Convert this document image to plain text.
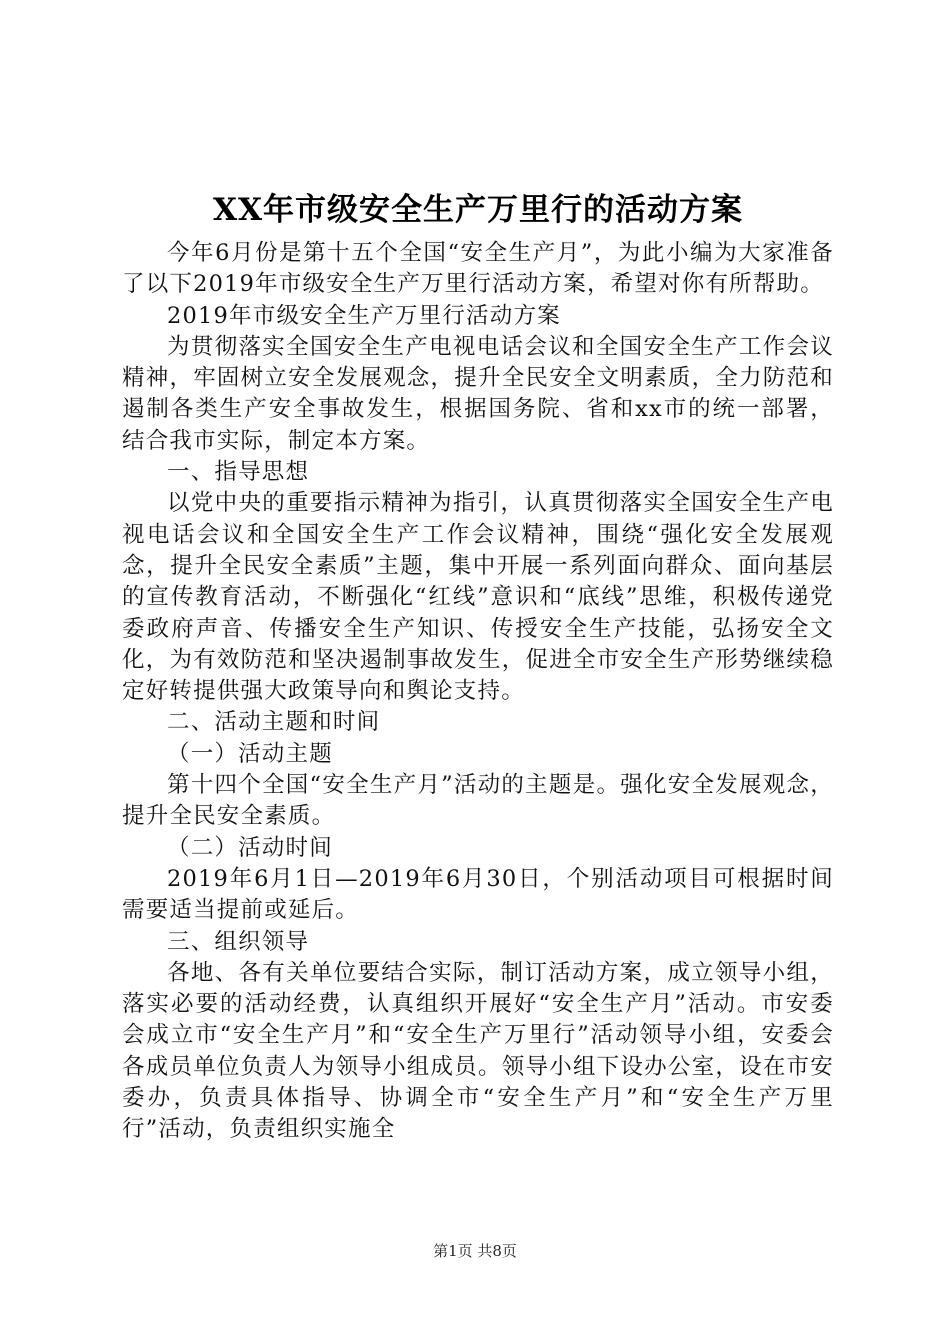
XX年市级安全生产万里行的活动方案

今年6月份是第十五个全国“安全生产月”，为此小编为大家准备了以下2019年市级安全生产万里行活动方案，希望对你有所帮助。

2019年市级安全生产万里行活动方案

为贯彻落实全国安全生产电视电话会议和全国安全生产工作会议精神，牢固树立安全发展观念，提升全民安全文明素质，全力防范和遏制各类生产安全事故发生，根据国务院、省和xx市的统一部署，结合我市实际，制定本方案。

一、指导思想

以党中央的重要指示精神为指引，认真贯彻落实全国安全生产电视电话会议和全国安全生产工作会议精神，围绕“强化安全发展观念，提升全民安全素质”主题，集中开展一系列面向群众、面向基层的宣传教育活动，不断强化“红线”意识和“底线”思维，积极传递党委政府声音、传播安全生产知识、传授安全生产技能，弘扬安全文化，为有效防范和坚决遏制事故发生，促进全市安全生产形势继续稳定好转提供强大政策导向和舆论支持。

二、活动主题和时间

（一）活动主题

第十四个全国“安全生产月”活动的主题是。强化安全发展观念，提升全民安全素质。

（二）活动时间

2019年6月1日—2019年6月30日，个别活动项目可根据时间需要适当提前或延后。

三、组织领导

各地、各有关单位要结合实际，制订活动方案，成立领导小组，落实必要的活动经费，认真组织开展好“安全生产月”活动。市安委会成立市“安全生产月”和“安全生产万里行”活动领导小组，安委会各成员单位负责人为领导小组成员。领导小组下设办公室，设在市安委办，负责具体指导、协调全市“安全生产月”和“安全生产万里行”活动，负责组织实施全

第1页 共8页
